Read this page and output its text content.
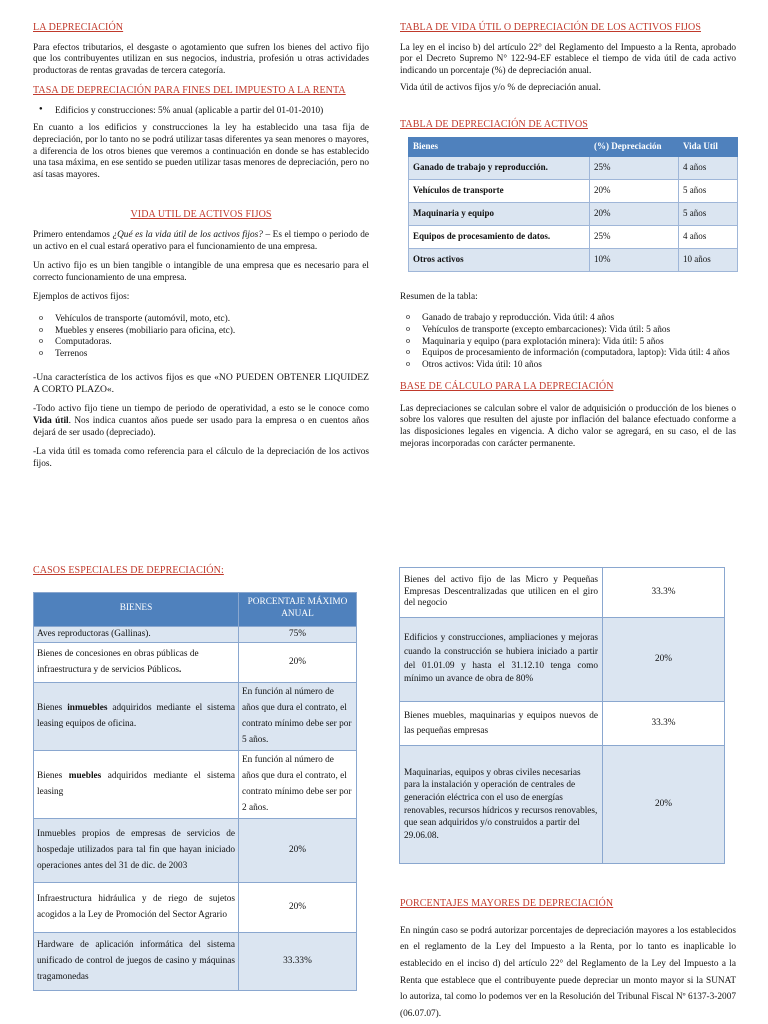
LA DEPRECIACIÓN

Para efectos tributarios, el desgaste o agotamiento que sufren los bienes del activo fijo que los contribuyentes utilizan en sus negocios, industria, profesión u otras actividades productoras de rentas gravadas de tercera categoría.

TASA DE DEPRECIACIÓN PARA FINES DEL IMPUESTO A LA RENTA
● Edificios y construcciones: 5% anual (aplicable a partir del 01-01-2010)

En cuanto a los edificios y construcciones la ley ha establecido una tasa fija de depreciación, por lo tanto no se podrá utilizar tasas diferentes ya sean menores o mayores, a diferencia de los otros bienes que veremos a continuación en donde se has establecido una tasa máxima, en ese sentido se pueden utilizar tasas menores de depreciación, pero no así tasas mayores.

VIDA UTIL DE ACTIVOS FIJOS

Primero entendamos ¿Qué es la vida útil de los activos fijos? – Es el tiempo o periodo de un activo en el cual estará operativo para el funcionamiento de una empresa.

Un activo fijo es un bien tangible o intangible de una empresa que es necesario para el correcto funcionamiento de una empresa.

Ejemplos de activos fijos:

o Vehículos de transporte (automóvil, moto, etc).
o Muebles y enseres (mobiliario para oficina, etc).
o Computadoras.
o Terrenos

-Una característica de los activos fijos es que «NO PUEDEN OBTENER LIQUIDEZ A CORTO PLAZO«.

-Todo activo fijo tiene un tiempo de periodo de operatividad, a esto se le conoce como Vida útil. Nos indica cuantos años puede ser usado para la empresa o en cuentos años dejará de ser usado (depreciado).

-La vida útil es tomada como referencia para el cálculo de la depreciación de los activos fijos.

TABLA DE VIDA ÚTIL O DEPRECIACIÓN DE LOS ACTIVOS FIJOS

La ley en el inciso b) del artículo 22° del Reglamento del Impuesto a la Renta, aprobado por el Decreto Supremo N° 122-94-EF establece el tiempo de vida útil de cada activo indicando un porcentaje (%) de depreciación anual.

Vida útil de activos fijos y/o % de depreciación anual.

TABLA DE DEPRECIACIÓN DE ACTIVOS
Bienes	(%) Depreciación	Vida Util
Ganado de trabajo y reproducción.	25%	4 años
Vehículos de transporte	20%	5 años
Maquinaria y equipo	20%	5 años
Equipos de procesamiento de datos.	25%	4 años
Otros activos	10%	10 años

Resumen de la tabla:

o Ganado de trabajo y reproducción. Vida útil: 4 años
o Vehículos de transporte (excepto embarcaciones): Vida útil: 5 años
o Maquinaria y equipo (para explotación minera): Vida útil: 5 años
o Equipos de procesamiento de información (computadora, laptop): Vida útil: 4 años
o Otros activos: Vida útil: 10 años
BASE DE CÁLCULO PARA LA DEPRECIACIÓN

Las depreciaciones se calculan sobre el valor de adquisición o producción de los bienes o sobre los valores que resulten del ajuste por inflación del balance efectuado conforme a las disposiciones legales en vigencia. A dicho valor se agregará, en su caso, el de las mejoras incorporadas con carácter permanente.

CASOS ESPECIALES DE DEPRECIACIÓN:
BIENES	PORCENTAJE MÁXIMO ANUAL
Aves reproductoras (Gallinas).	75%
Bienes de concesiones en obras públicas de infraestructura y de servicios Públicos.	20%
Bienes inmuebles adquiridos mediante el sistema leasing equipos de oficina.	En función al número de años que dura el contrato, el contrato mínimo debe ser por 5 años.
Bienes muebles adquiridos mediante el sistema leasing	En función al número de años que dura el contrato, el contrato mínimo debe ser por 2 años.
Inmuebles propios de empresas de servicios de hospedaje utilizados para tal fin que hayan iniciado operaciones antes del 31 de dic. de 2003	20%
Infraestructura hidráulica y de riego de sujetos acogidos a la Ley de Promoción del Sector Agrario	20%
Hardware de aplicación informática del sistema unificado de control de juegos de casino y máquinas tragamonedas	33.33%
Bienes del activo fijo de las Micro y Pequeñas Empresas Descentralizadas que utilicen en el giro del negocio	33.3%
Edificios y construcciones, ampliaciones y mejoras cuando la construcción se hubiera iniciado a partir del 01.01.09 y hasta el 31.12.10 tenga como mínimo un avance de obra de 80%	20%
Bienes muebles, maquinarias y equipos nuevos de las pequeñas empresas	33.3%
Maquinarias, equipos y obras civiles necesarias para la instalación y operación de centrales de generación eléctrica con el uso de energías renovables, recursos hídricos y recursos renovables, que sean adquiridos y/o construidos a partir del 29.06.08.	20%
PORCENTAJES MAYORES DE DEPRECIACIÓN

En ningún caso se podrá autorizar porcentajes de depreciación mayores a los establecidos en el reglamento de la Ley del Impuesto a la Renta, por lo tanto es inaplicable lo establecido en el inciso d) del artículo 22° del Reglamento de la Ley del Impuesto a la Renta que establece que el contribuyente puede depreciar un monto mayor si la SUNAT lo autoriza, tal como lo podemos ver en la Resolución del Tribunal Fiscal Nº 6137-3-2007 (06.07.07).
